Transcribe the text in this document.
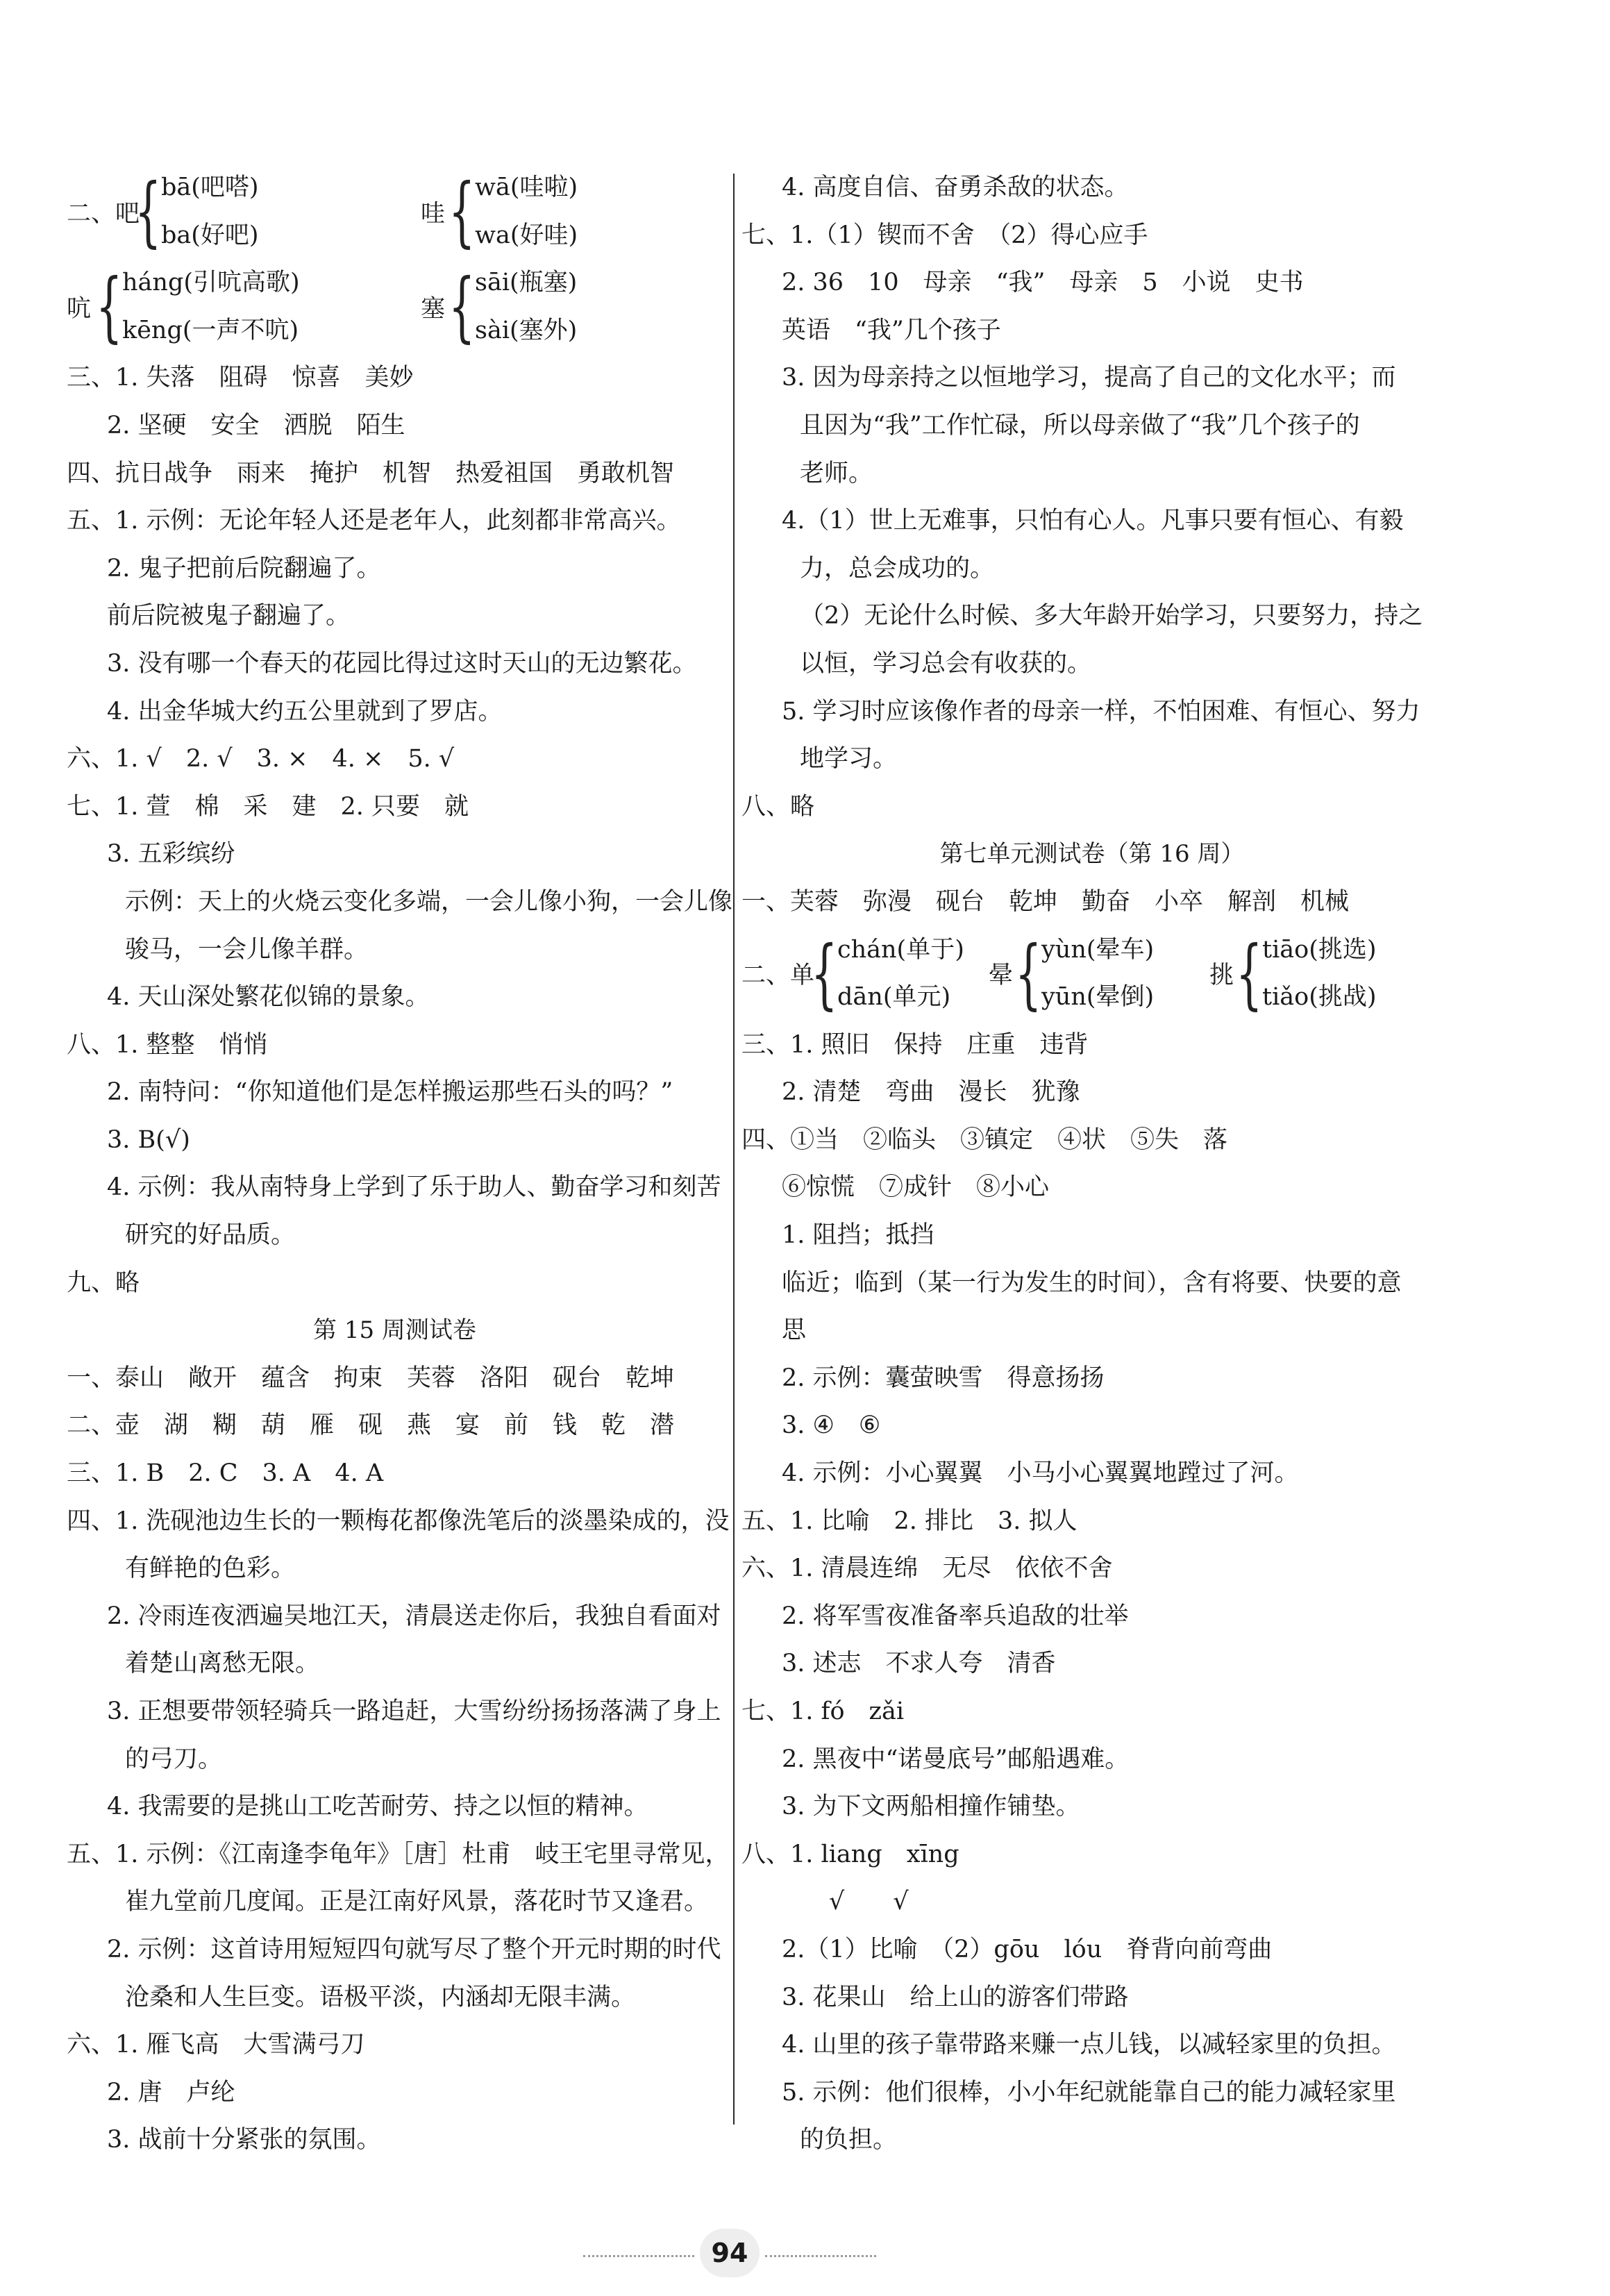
二、吧
{ bā(吧嗒)
ba(好吧)
哇 { wā(哇啦)
wa(好哇)
吭 { háng(引吭高歌)
kēng(一声不吭)
塞 { sāi(瓶塞)
sài(塞外)
三、1. 失落　阻碍　惊喜　美妙
2. 坚硬　安全　洒脱　陌生
四、抗日战争　雨来　掩护　机智　热爱祖国　勇敢机智
五、1. 示例：无论年轻人还是老年人，此刻都非常高兴。
2. 鬼子把前后院翻遍了。
前后院被鬼子翻遍了。
3. 没有哪一个春天的花园比得过这时天山的无边繁花。
4. 出金华城大约五公里就到了罗店。
六、1. √　2. √　3. ×　4. ×　5. √
七、1. 萱　棉　采　建　2. 只要　就
3. 五彩缤纷
示例：天上的火烧云变化多端，一会儿像小狗，一会儿像
骏马，一会儿像羊群。
4. 天山深处繁花似锦的景象。
八、1. 整整　悄悄
2. 南特问：“你知道他们是怎样搬运那些石头的吗？”
3. B(√)
4. 示例：我从南特身上学到了乐于助人、勤奋学习和刻苦
研究的好品质。
九、略
第 15 周测试卷
一、泰山　敞开　蕴含　拘束　芙蓉　洛阳　砚台　乾坤
二、壶　湖　糊　葫　雁　砚　燕　宴　前　钱　乾　潜
三、1. B　2. C　3. A　4. A
四、1. 洗砚池边生长的一颗梅花都像洗笔后的淡墨染成的，没
有鲜艳的色彩。
2. 冷雨连夜洒遍吴地江天，清晨送走你后，我独自看面对
着楚山离愁无限。
3. 正想要带领轻骑兵一路追赶，大雪纷纷扬扬落满了身上
的弓刀。
4. 我需要的是挑山工吃苦耐劳、持之以恒的精神。
五、1. 示例：《江南逢李龟年》［唐］杜甫　岐王宅里寻常见，
崔九堂前几度闻。正是江南好风景，落花时节又逢君。
2. 示例：这首诗用短短四句就写尽了整个开元时期的时代
沧桑和人生巨变。语极平淡，内涵却无限丰满。
六、1. 雁飞高　大雪满弓刀
2. 唐　卢纶
3. 战前十分紧张的氛围。
4. 高度自信、奋勇杀敌的状态。
七、1.（1）锲而不舍　（2）得心应手
2. 36　10　母亲　“我”　母亲　5　小说　史书
英语　“我”几个孩子
3. 因为母亲持之以恒地学习，提高了自己的文化水平；而
且因为“我”工作忙碌，所以母亲做了“我”几个孩子的
老师。
4.（1）世上无难事，只怕有心人。凡事只要有恒心、有毅
力，总会成功的。
（2）无论什么时候、多大年龄开始学习，只要努力，持之
以恒，学习总会有收获的。
5. 学习时应该像作者的母亲一样，不怕困难、有恒心、努力
地学习。
八、略
第七单元测试卷（第 16 周）
一、芙蓉　弥漫　砚台　乾坤　勤奋　小卒　解剖　机械
二、单
{ chán(单于)
dān(单元)
晕 { yùn(晕车)
yūn(晕倒)
挑 { tiāo(挑选)
tiǎo(挑战)
三、1. 照旧　保持　庄重　违背
2. 清楚　弯曲　漫长　犹豫
四、①当　②临头　③镇定　④状　⑤失　落
⑥惊慌　⑦成针　⑧小心
1. 阻挡；抵挡
临近；临到（某一行为发生的时间），含有将要、快要的意
思
2. 示例：囊萤映雪　得意扬扬
3. ④　⑥
4. 示例：小心翼翼　小马小心翼翼地蹚过了河。
五、1. 比喻　2. 排比　3. 拟人
六、1. 清晨连绵　无尽　依依不舍
2. 将军雪夜准备率兵追敌的壮举
3. 述志　不求人夸　清香
七、1. fó　zǎi
2. 黑夜中“诺曼底号”邮船遇难。
3. 为下文两船相撞作铺垫。
八、1. liang　xīng
√　　√
2.（1）比喻　（2）gōu　lóu　脊背向前弯曲
3. 花果山　给上山的游客们带路
4. 山里的孩子靠带路来赚一点儿钱，以减轻家里的负担。
5. 示例：他们很棒，小小年纪就能靠自己的能力减轻家里
的负担。
94
